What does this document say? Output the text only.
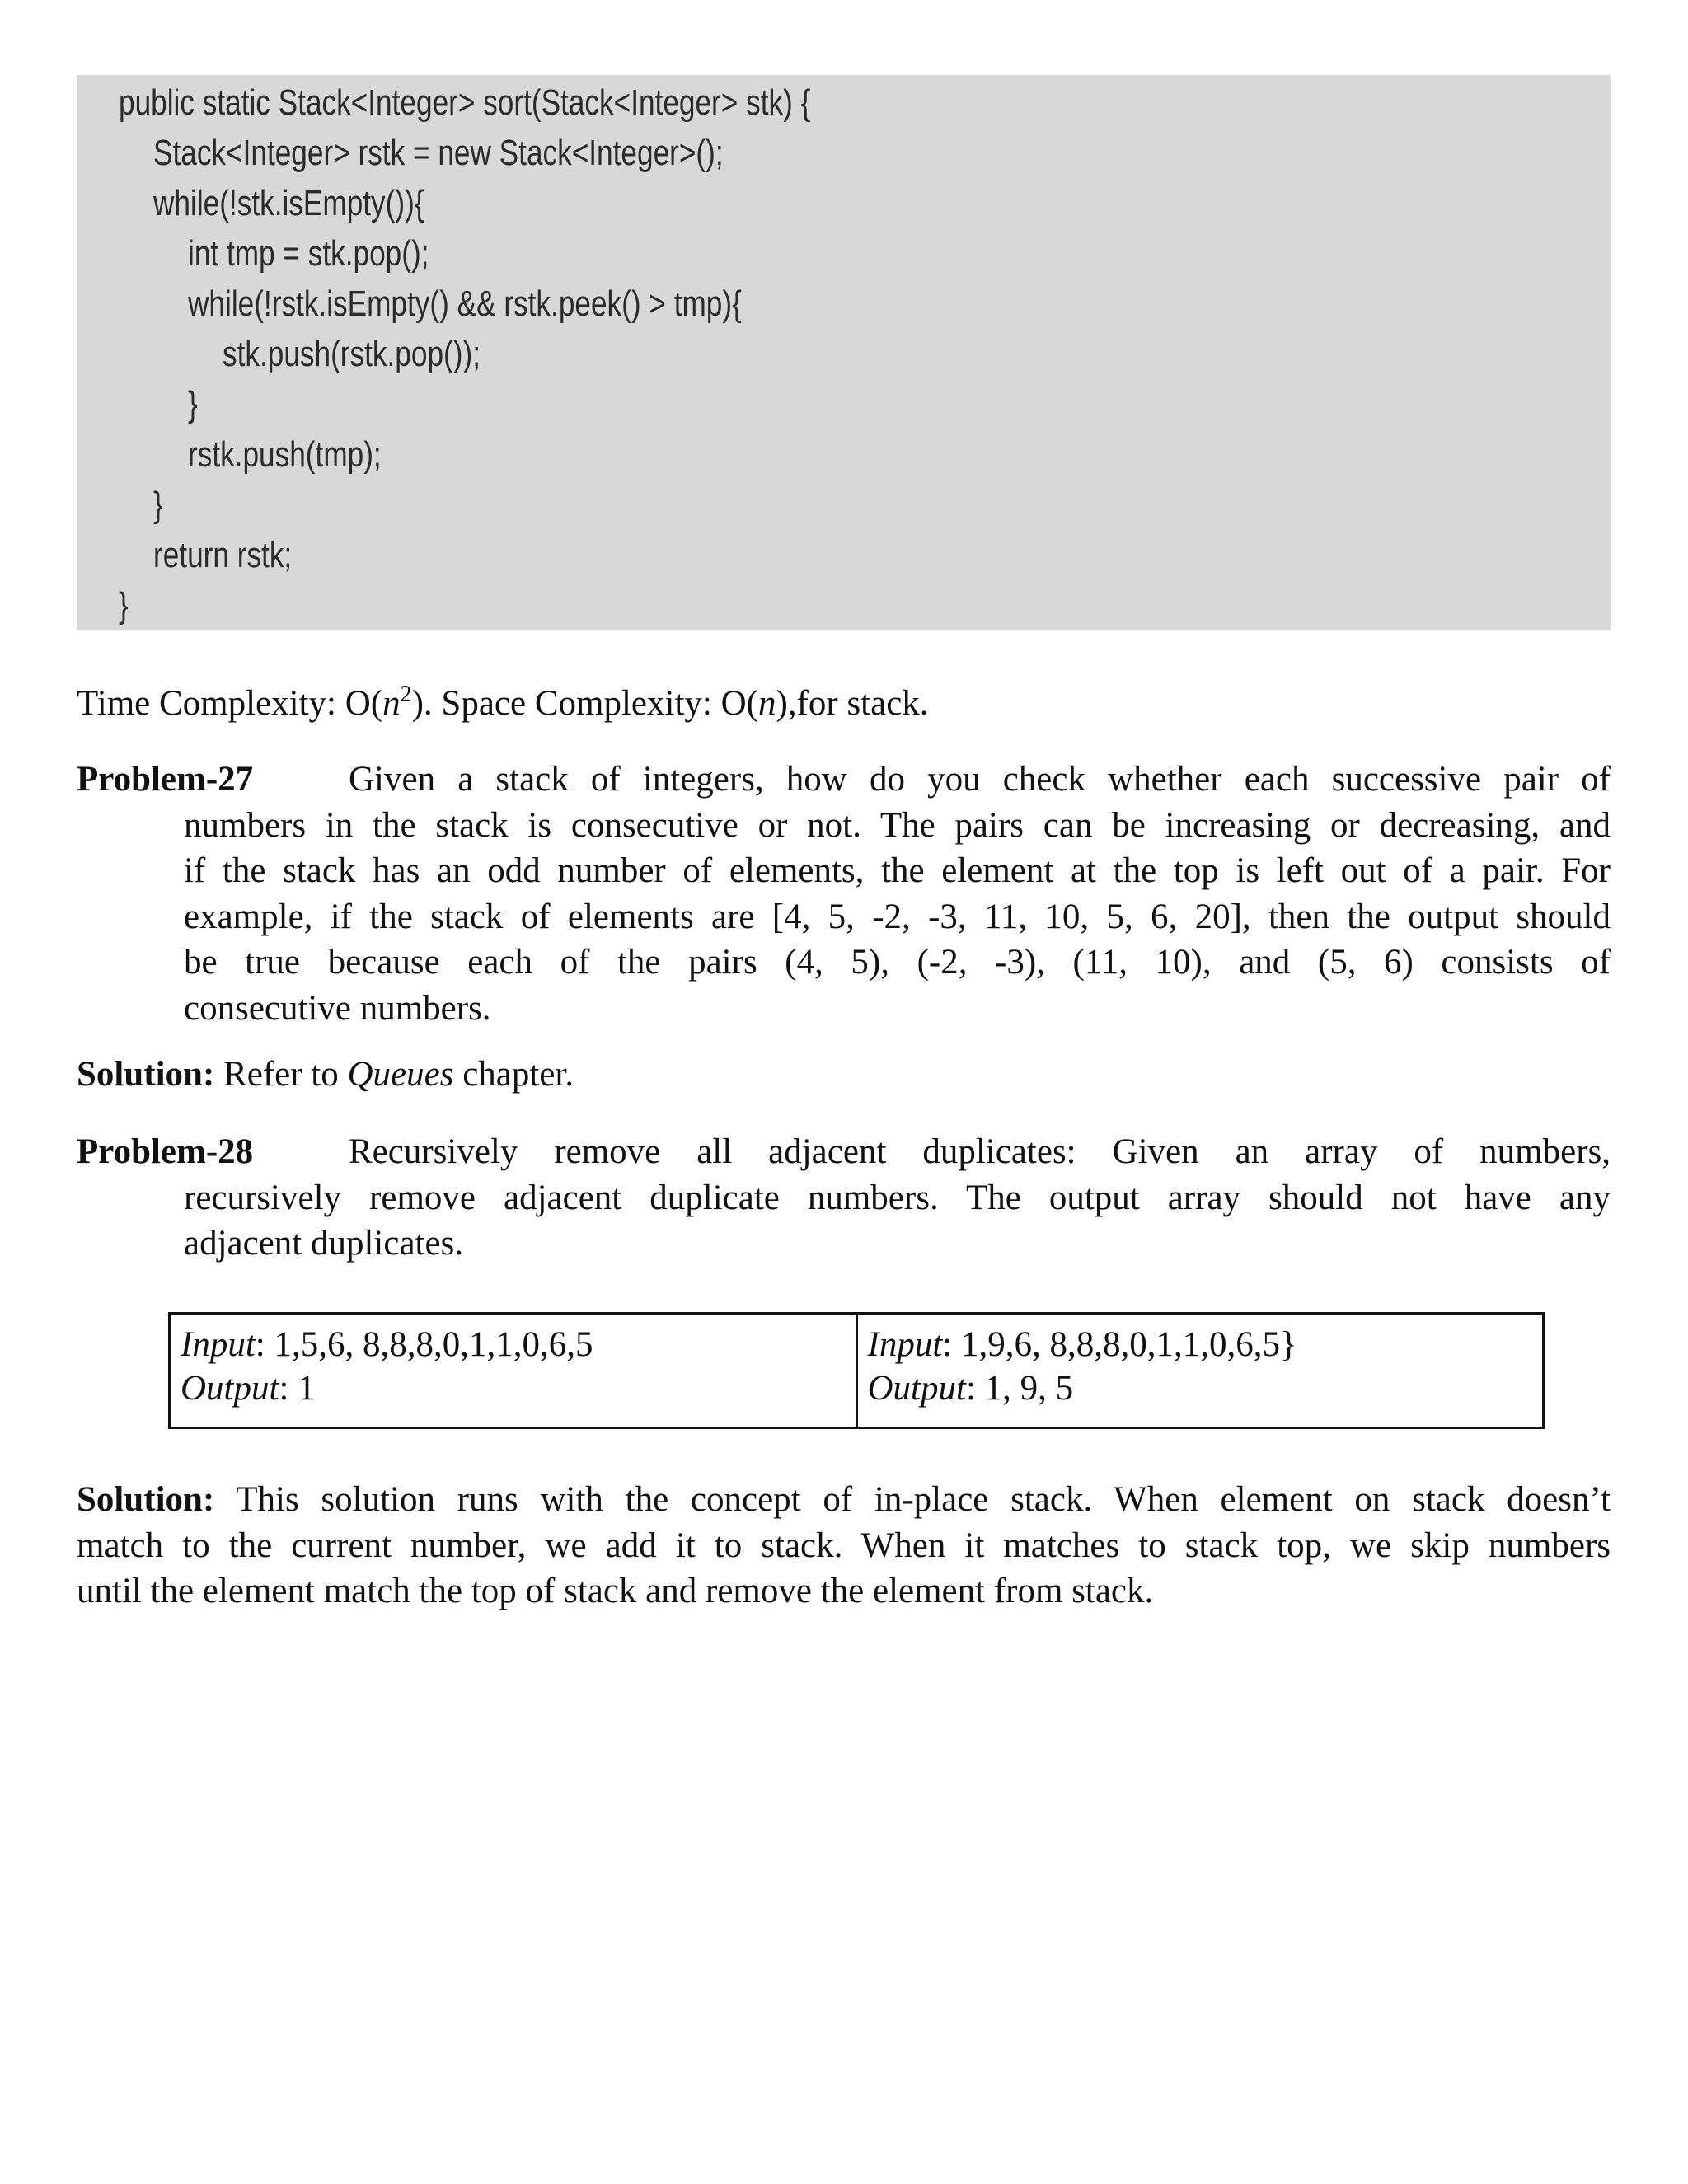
public static Stack<Integer> sort(Stack<Integer> stk) {
Stack<Integer> rstk = new Stack<Integer>();
while(!stk.isEmpty()){
int tmp = stk.pop();
while(!rstk.isEmpty() && rstk.peek() > tmp){
stk.push(rstk.pop());
}
rstk.push(tmp);
}
return rstk;
}
Time Complexity: $O(n^2)$. Space Complexity: O(n),for stack.
Problem-27	Given a stack of integers, how do you check whether each successive pair of
numbers in the stack is consecutive or not. The pairs can be increasing or decreasing, and
if the stack has an odd number of elements, the element at the top is left out of a pair. For
example, if the stack of elements are [4, 5, -2, -3, 11, 10, 5, 6, 20], then the output should
be true because each of the pairs (4, 5), (-2, -3), (11, 10), and (5, 6) consists of
consecutive numbers.
Solution: Refer to Queues chapter.
Problem-28	Recursively remove all adjacent duplicates: Given an array of numbers,
recursively remove adjacent duplicate numbers. The output array should not have any
adjacent duplicates.
Input: 1,5,6, 8,8,8,0,1,1,0,6,5
Output: 1
Input: 1,9,6, 8,8,8,0,1,1,0,6,5}
Output: 1, 9, 5
Solution: This solution runs with the concept of in-place stack. When element on stack doesn’t
match to the current number, we add it to stack. When it matches to stack top, we skip numbers
until the element match the top of stack and remove the element from stack.
